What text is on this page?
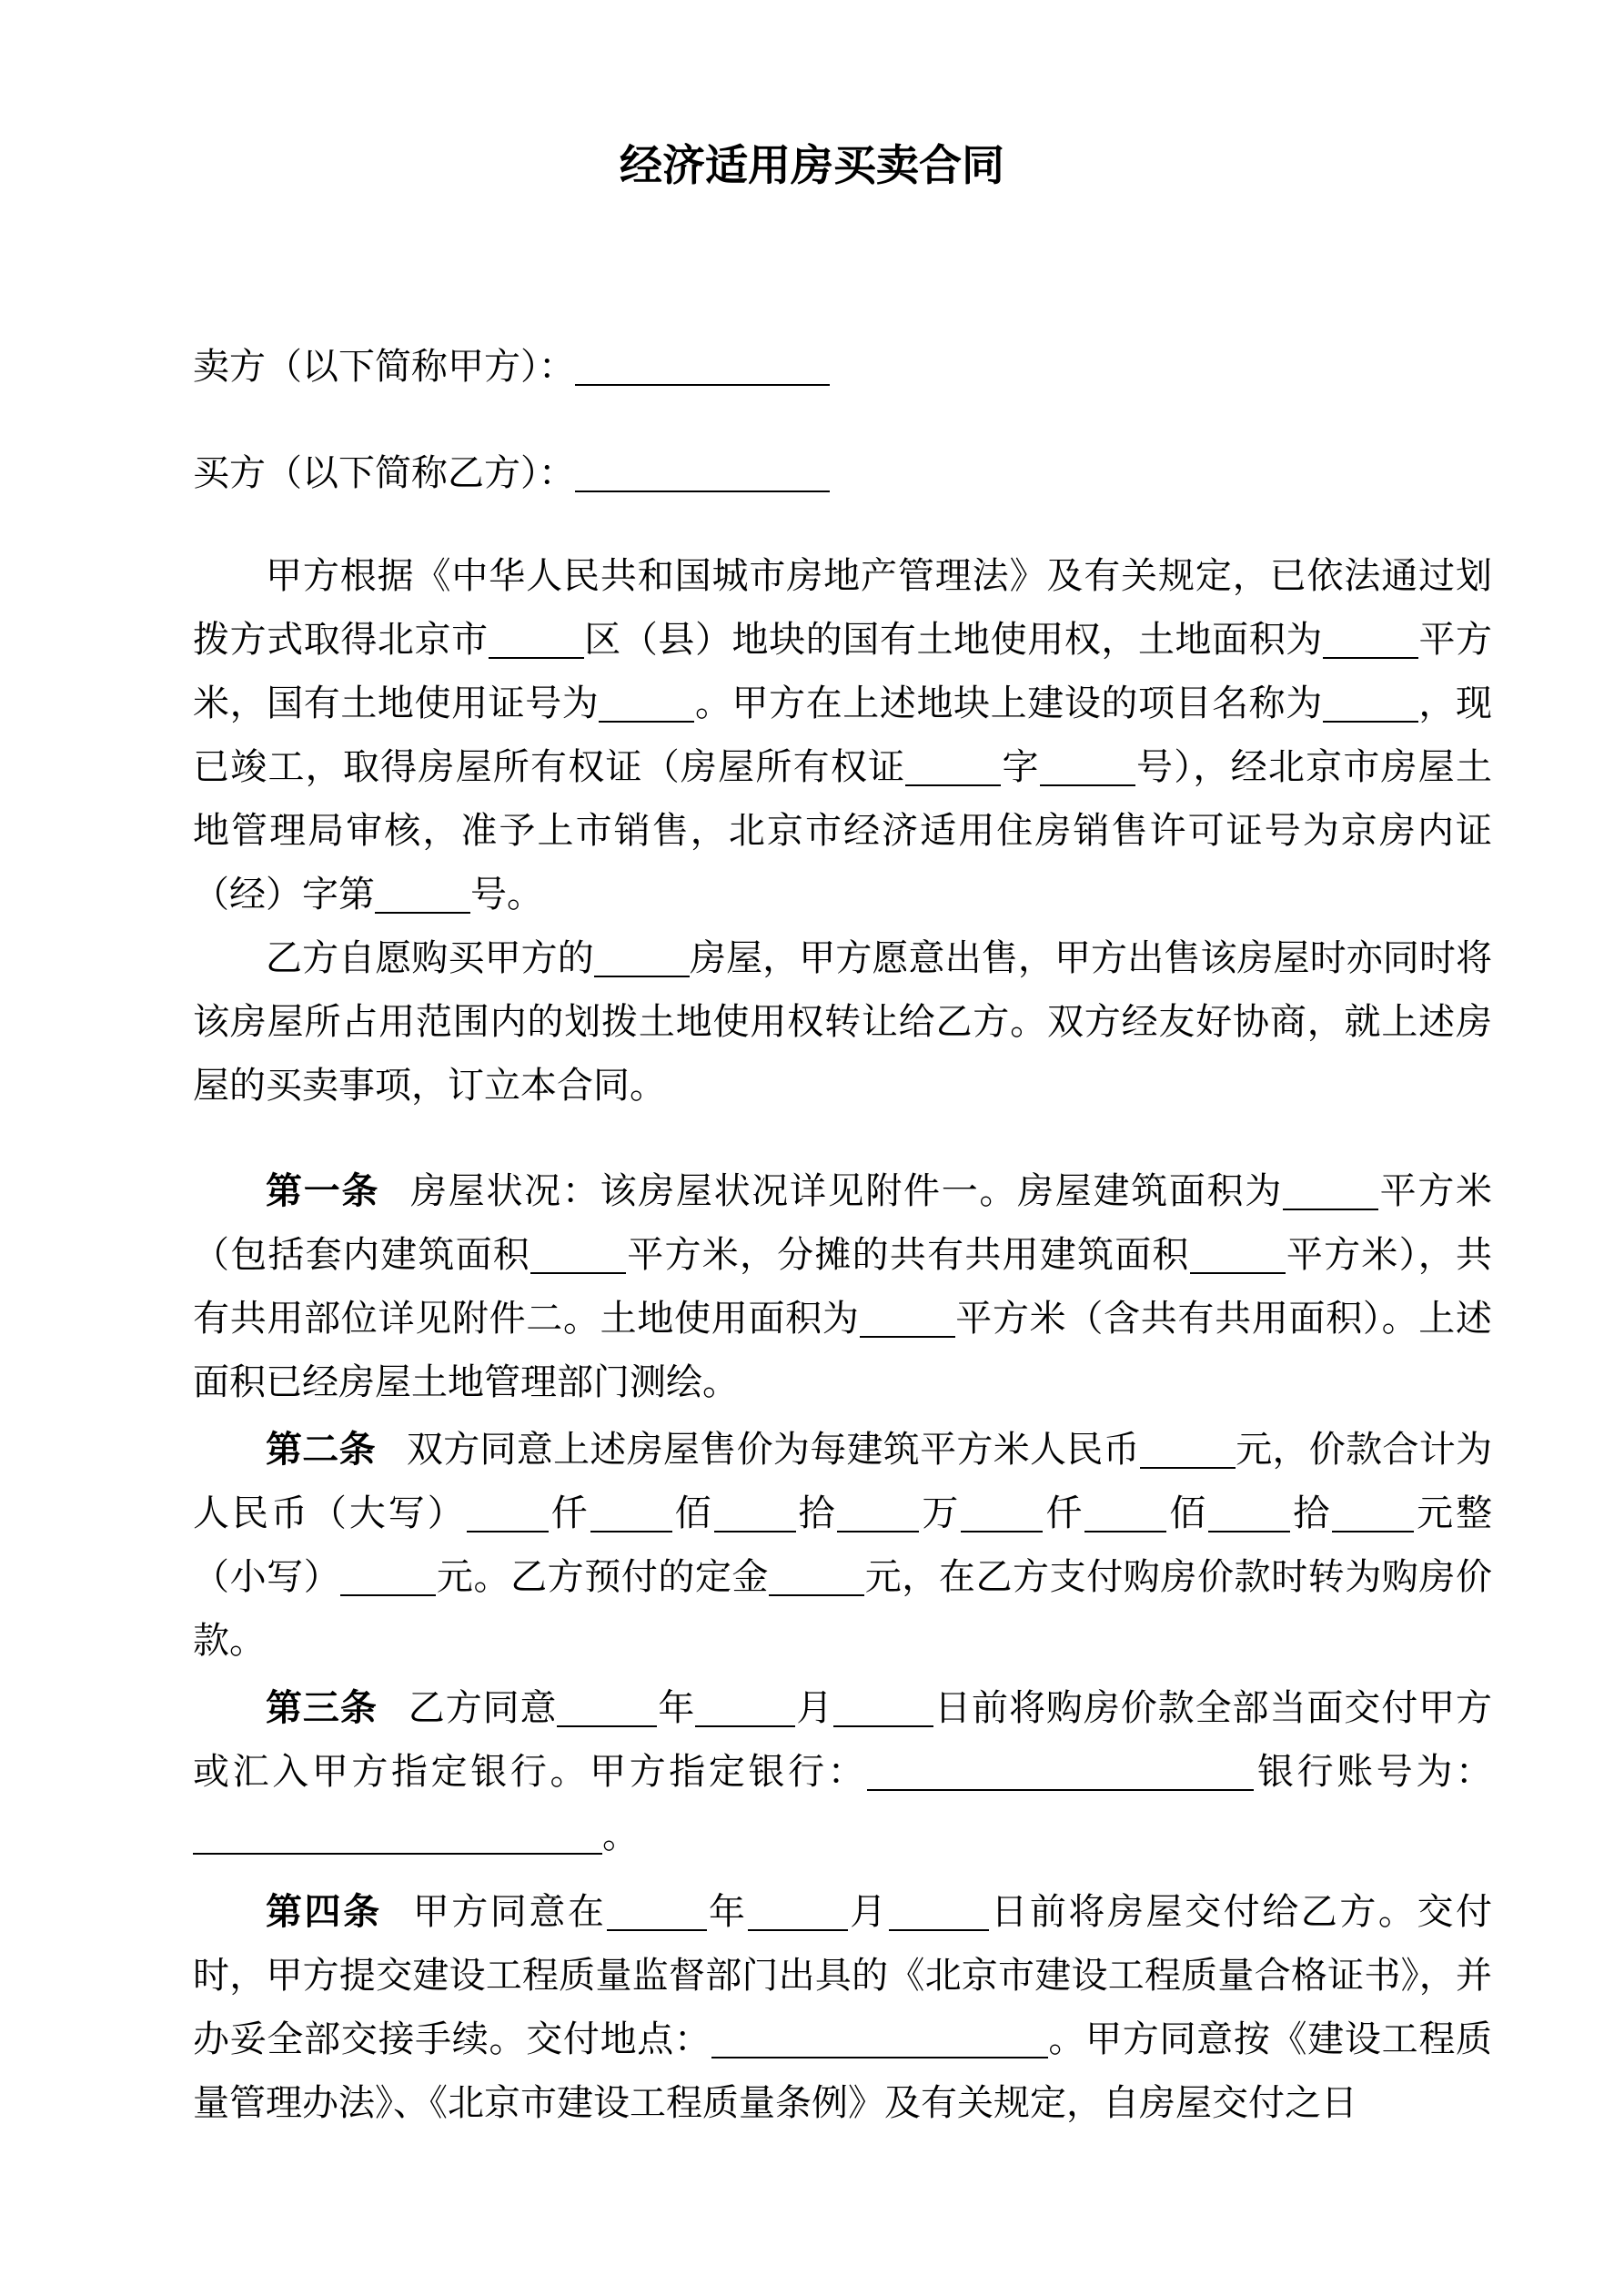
经济适用房买卖合同

卖方（以下简称甲方）：

买方（以下简称乙方）：

甲方根据《中华人民共和国城市房地产管理法》及有关规定，已依法通过划拨方式取得北京市	区（县）地块的国有土地使用权，土地面积为	平方米，国有土地使用证号为	。甲方在上述地块上建设的项目名称为	，现已竣工，取得房屋所有权证（房屋所有权证	字	号），经北京市房屋土地管理局审核，准予上市销售，北京市经济适用住房销售许可证号为京房内证（经）字第	号。

乙方自愿购买甲方的	房屋，甲方愿意出售，甲方出售该房屋时亦同时将该房屋所占用范围内的划拨土地使用权转让给乙方。双方经友好协商，就上述房屋的买卖事项，订立本合同。

第一条 房屋状况：该房屋状况详见附件一。房屋建筑面积为	平方米（包括套内建筑面积	平方米，分摊的共有共用建筑面积	平方米），共有共用部位详见附件二。土地使用面积为	平方米（含共有共用面积）。上述面积已经房屋土地管理部门测绘。

第二条 双方同意上述房屋售价为每建筑平方米人民币	元，价款合计为人民币（大写） 仟 佰 拾 万 仟 佰 拾 元整（小写）	元。乙方预付的定金	元，在乙方支付购房价款时转为购房价款。

第三条 乙方同意	年	月	日前将购房价款全部当面交付甲方或汇入甲方指定银行。甲方指定银行：	银行账号为：。

第四条 甲方同意在	年	月	日前将房屋交付给乙方。交付时，甲方提交建设工程质量监督部门出具的《北京市建设工程质量合格证书》，并办妥全部交接手续。交付地点：	。甲方同意按《建设工程质量管理办法》、《北京市建设工程质量条例》及有关规定，自房屋交付之日
